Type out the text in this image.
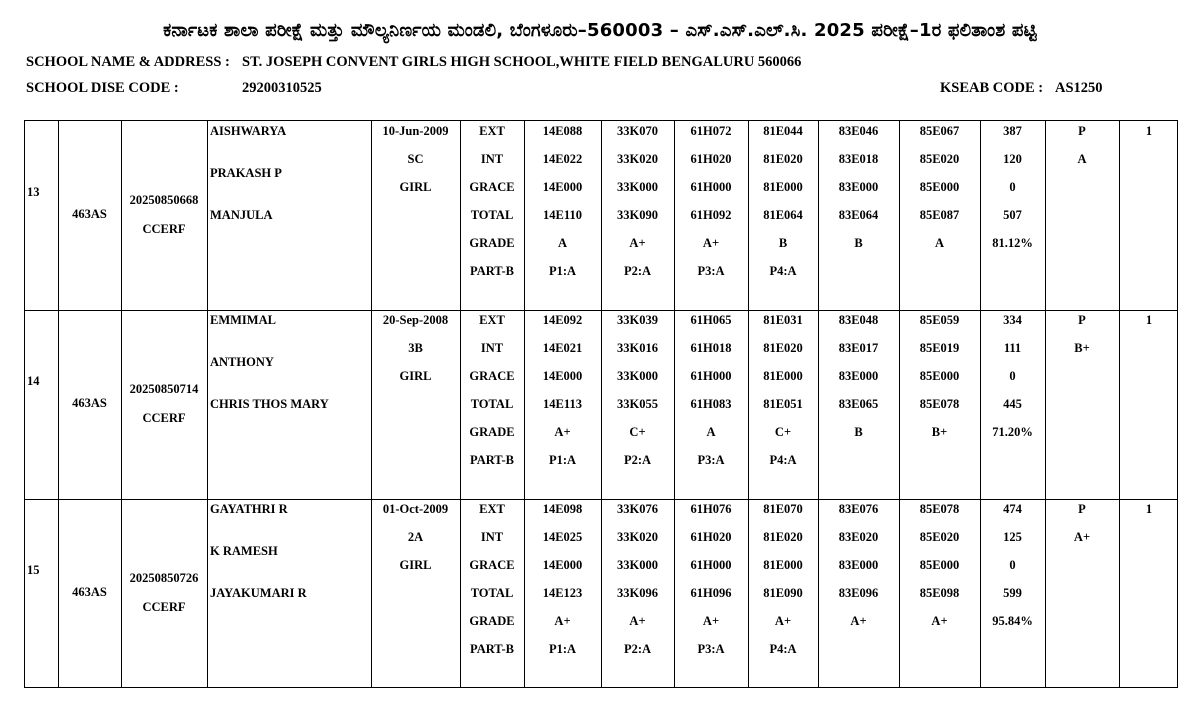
ಕರ್ನಾಟಕ ಶಾಲಾ ಪರೀಕ್ಷೆ ಮತ್ತು ಮೌಲ್ಯನಿರ್ಣಯ ಮಂಡಲಿ, ಬೆಂಗಳೂರು–560003 – ಎಸ್.ಎಸ್.ಎಲ್.ಸಿ. 2025 ಪರೀಕ್ಷೆ–1ರ ಫಲಿತಾಂಶ ಪಟ್ಟಿ
SCHOOL NAME & ADDRESS : ST. JOSEPH CONVENT GIRLS HIGH SCHOOL,WHITE FIELD BENGALURU 560066
SCHOOL DISE CODE :	29200310525	KSEAB CODE : AS1250
13
463AS
20250850668
CCERF
AISHWARYA
PRAKASH P
MANJULA
10-Jun-2009
SC
GIRL
EXT
INT
GRACE
TOTAL
GRADE
PART-B
14E088
14E022
14E000
14E110
A
P1:A
33K070
33K020
33K000
33K090
A+
P2:A
61H072
61H020
61H000
61H092
A+
P3:A
81E044
81E020
81E000
81E064
B
P4:A
83E046
83E018
83E000
83E064
B
85E067
85E020
85E000
85E087
A
387
120
0
507
81.12%
P
A
1
14
463AS
20250850714
CCERF
EMMIMAL
ANTHONY
CHRIS THOS MARY
20-Sep-2008
3B
GIRL
EXT
INT
GRACE
TOTAL
GRADE
PART-B
14E092
14E021
14E000
14E113
A+
P1:A
33K039
33K016
33K000
33K055
C+
P2:A
61H065
61H018
61H000
61H083
A
P3:A
81E031
81E020
81E000
81E051
C+
P4:A
83E048
83E017
83E000
83E065
B
85E059
85E019
85E000
85E078
B+
334
111
0
445
71.20%
P
B+
1
15
463AS
20250850726
CCERF
GAYATHRI R
K RAMESH
JAYAKUMARI R
01-Oct-2009
2A
GIRL
EXT
INT
GRACE
TOTAL
GRADE
PART-B
14E098
14E025
14E000
14E123
A+
P1:A
33K076
33K020
33K000
33K096
A+
P2:A
61H076
61H020
61H000
61H096
A+
P3:A
81E070
81E020
81E000
81E090
A+
P4:A
83E076
83E020
83E000
83E096
A+
85E078
85E020
85E000
85E098
A+
474
125
0
599
95.84%
P
A+
1
